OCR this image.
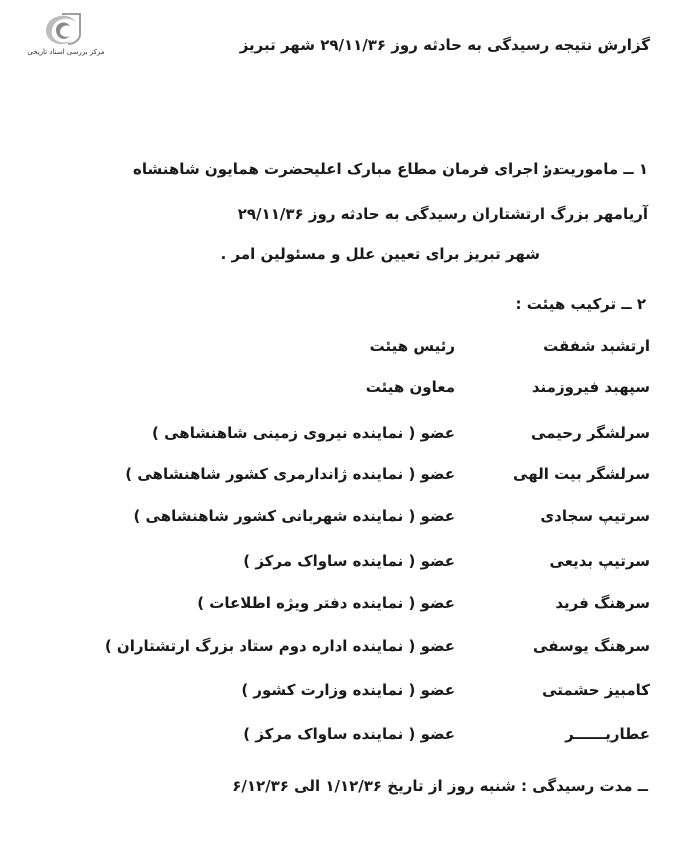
مرکز بررسی اسناد تاریخی	گزارش نتیجه رسیدگی به حادثه روز ۲۹/۱۱/۳۶ شهر تبریز
۱ ــ ماموریت :
در اجرای فرمان مطاع مبارک اعلیحضرت همایون شاهنشاه
آریامهر بزرگ ارتشتاران رسیدگی به حادثه روز ۲۹/۱۱/۳۶
شهر تبریز برای تعیین علل و مسئولین امر .
۲ ــ ترکیب هیئت :
ارتشبد شفقت
رئیس هیئت
سپهبد فیروزمند
معاون هیئت
سرلشگر رحیمی
عضو ( نماینده نیروی زمینی شاهنشاهی )
سرلشگر بیت الهی
عضو ( نماینده ژاندارمری کشور شاهنشاهی )
سرتیپ سجادی
عضو ( نماینده شهربانی کشور شاهنشاهی )
سرتیپ بدیعی
عضو ( نماینده ساواک مرکز )
سرهنگ فرید
عضو ( نماینده دفتر ویژه اطلاعات )
سرهنگ یوسفی
عضو ( نماینده اداره دوم ستاد بزرگ ارتشتاران )
کامبیز حشمتی
عضو ( نماینده وزارت کشور )
عطاریــــــر
عضو ( نماینده ساواک مرکز )
ــ مدت رسیدگی : شنبه روز از تاریخ ۱/۱۲/۳۶ الی ۶/۱۲/۳۶
